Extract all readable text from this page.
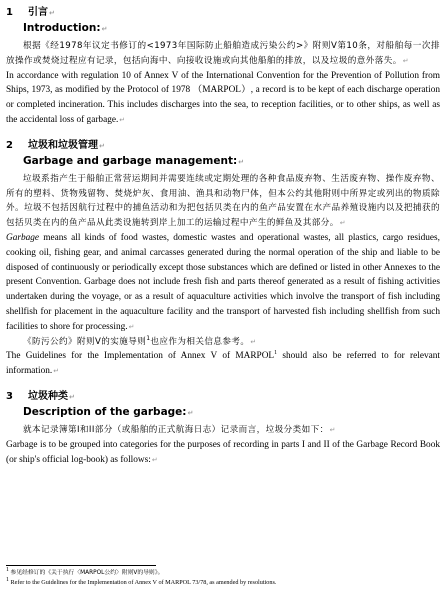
1	引言 ↵
Introduction:↵

根据《经1978年议定书修订的<1973年国际防止船舶造成污染公约>》附则V第10条，对船舶每一次排放操作或焚烧过程应有记录，包括向海中、向接收设施或向其他船舶的排放，以及垃圾的意外落失。↵

In accordance with regulation 10 of Annex V of the International Convention for the Prevention of Pollution from Ships, 1973, as modified by the Protocol of 1978 （MARPOL）, a record is to be kept of each discharge operation or completed incineration. This includes discharges into the sea, to reception facilities, or to other ships, as well as the accidental loss of garbage.↵

2	垃圾和垃圾管理 ↵
Garbage and garbage management:↵

垃圾系指产生于船舶正常营运期间并需要连续或定期处理的各种食品废弃物、生活废弃物、操作废弃物、所有的塑料、货物残留物、焚烧炉灰、食用油、渔具和动物尸体，但本公约其他附则中所界定或列出的物质除外。垃圾不包括因航行过程中的捕鱼活动和为把包括贝类在内的鱼产品安置在水产品养殖设施内以及把捕获的包括贝类在内的鱼产品从此类设施转到岸上加工的运输过程中产生的鲜鱼及其部分。↵

Garbage means all kinds of food wastes, domestic wastes and operational wastes, all plastics, cargo residues, cooking oil, fishing gear, and animal carcasses generated during the normal operation of the ship and liable to be disposed of continuously or periodically except those substances which are defined or listed in other Annexes to the present Convention. Garbage does not include fresh fish and parts thereof generated as a result of fishing activities undertaken during the voyage, or as a result of aquaculture activities which involve the transport of fish including shellfish for placement in the aquaculture facility and the transport of harvested fish including shellfish from such facilities to shore for processing.↵

《防污公约》附则V的实施导则$^1$也应作为相关信息参考。↵

The Guidelines for the Implementation of Annex V of MARPOL$^1$ should also be referred to for relevant information.↵

3	垃圾种类 ↵
Description of the garbage:↵

就本记录簿第I和II部分（或船舶的正式航海日志）记录而言，垃圾分类如下：↵

Garbage is to be grouped into categories for the purposes of recording in parts I and II of the Garbage Record Book (or ship's official log-book) as follows:↵

$^1$ 参见经修订的《关于执行〈MARPOL公约〉附则V的导则》。

$^1$ Refer to the Guidelines for the Implementation of Annex V of MARPOL 73/78, as amended by resolutions.
